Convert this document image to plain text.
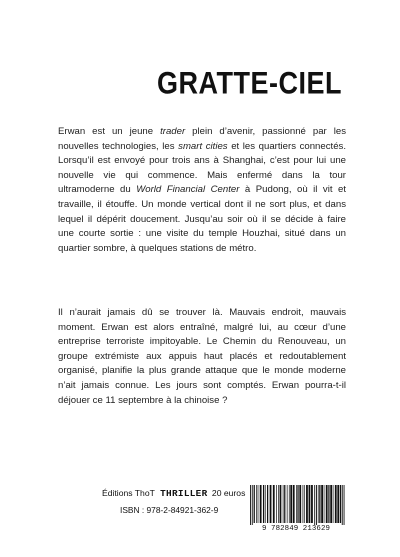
GRATTE-CIEL
Erwan est un jeune trader plein d’avenir, passionné par les nouvelles technologies, les smart cities et les quartiers connectés. Lorsqu’il est envoyé pour trois ans à Shanghai, c’est pour lui une nouvelle vie qui commence. Mais enfermé dans la tour ultramoderne du World Financial Center à Pudong, où il vit et travaille, il étouffe. Un monde vertical dont il ne sort plus, et dans lequel il dépérit doucement. Jusqu’au soir où il se décide à faire une courte sortie : une visite du temple Houzhai, situé dans un quartier sombre, à quelques stations de métro.
Il n’aurait jamais dû se trouver là. Mauvais endroit, mauvais moment. Erwan est alors entraîné, malgré lui, au cœur d’une entreprise terroriste impitoyable. Le Chemin du Renouveau, un groupe extrémiste aux appuis haut placés et redoutablement organisé, planifie la plus grande attaque que le monde moderne n’ait jamais connue. Les jours sont comptés. Erwan pourra-t-il déjouer ce 11 septembre à la chinoise ?
Éditions ThoT THRILLER 20 euros
ISBN : 978-2-84921-362-9
9 782849 213629
